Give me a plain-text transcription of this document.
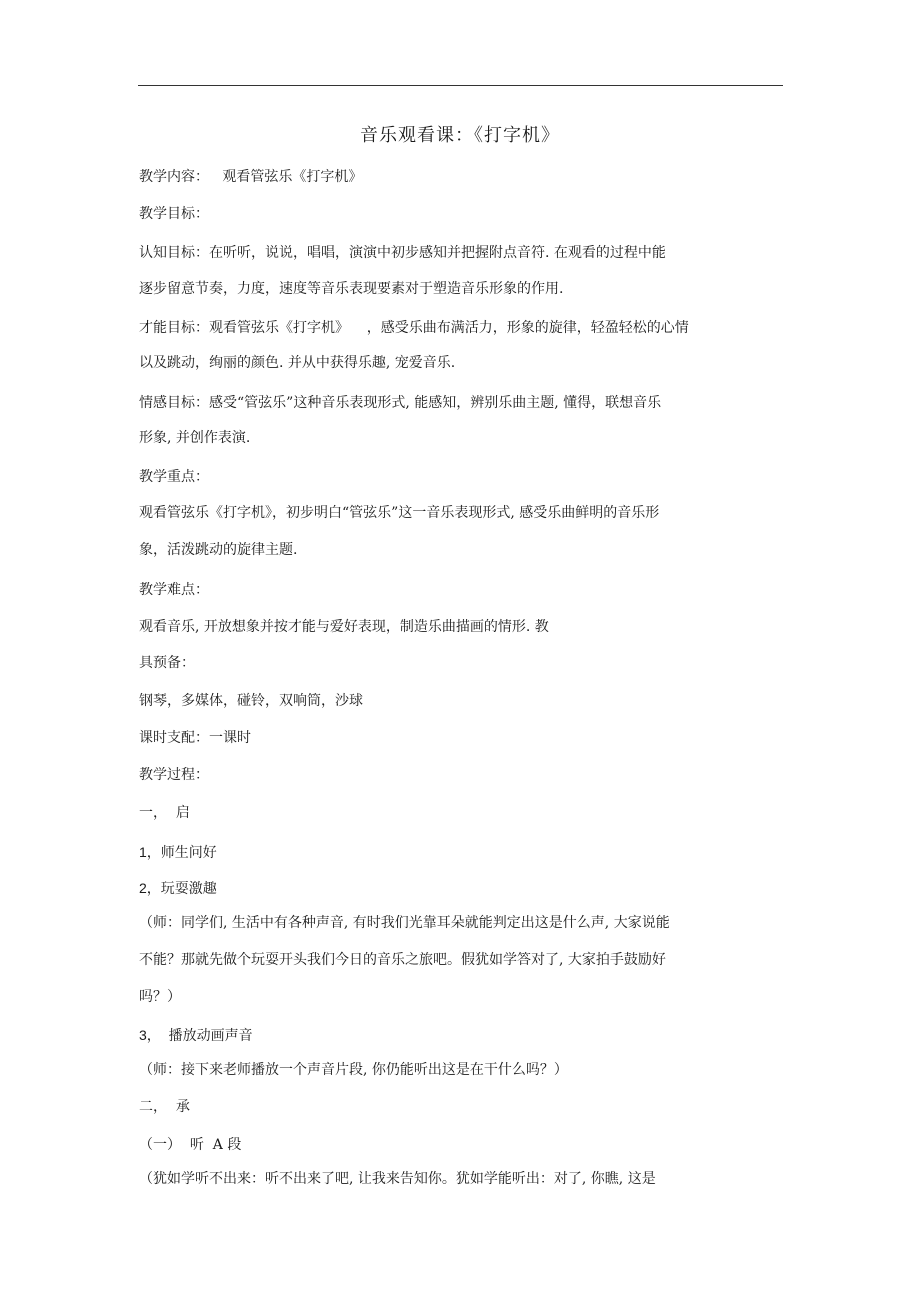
音乐观看课：《打字机》
教学内容：   观看管弦乐《打字机》
教学目标：
认知目标：在听听，说说，唱唱，演演中初步感知并把握附点音符. 在观看的过程中能
逐步留意节奏，力度，速度等音乐表现要素对于塑造音乐形象的作用.
才能目标：观看管弦乐《打字机》    ，感受乐曲布满活力，形象的旋律，轻盈轻松的心情
以及跳动，绚丽的颜色. 并从中获得乐趣, 宠爱音乐.
情感目标：感受“管弦乐”这种音乐表现形式, 能感知，辨别乐曲主题, 懂得，联想音乐
形象, 并创作表演.
教学重点：
观看管弦乐《打字机》，初步明白“管弦乐”这一音乐表现形式, 感受乐曲鲜明的音乐形
象，活泼跳动的旋律主题.
教学难点：
观看音乐, 开放想象并按才能与爱好表现，制造乐曲描画的情形. 教
具预备：
钢琴，多媒体，碰铃，双响筒，沙球
课时支配：一课时
教学过程：
一，  启
1，师生问好
2，玩耍激趣
（师：同学们, 生活中有各种声音, 有时我们光靠耳朵就能判定出这是什么声, 大家说能
不能？那就先做个玩耍开头我们今日的音乐之旅吧。假犹如学答对了, 大家拍手鼓励好
吗？）
3，  播放动画声音
（师：接下来老师播放一个声音片段, 你仍能听出这是在干什么吗？）
二，  承
（一）  听  A 段
（犹如学听不出来：听不出来了吧, 让我来告知你。犹如学能听出：对了, 你瞧, 这是
